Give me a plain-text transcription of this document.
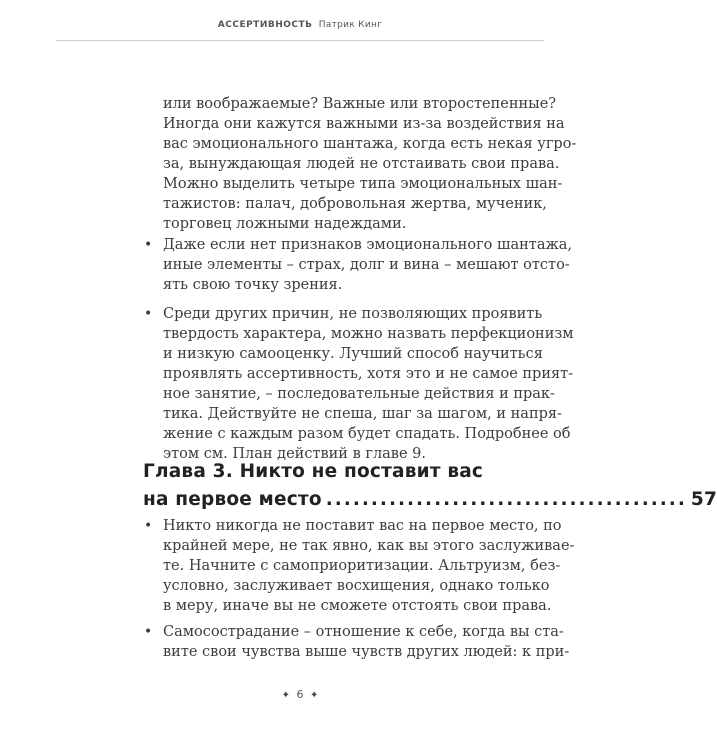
АССЕРТИВНОСТЬ Патрик Кинг
или воображаемые? Важные или второстепенные?
Иногда они кажутся важными из-за воздействия на
вас эмоционального шантажа, когда есть некая угро-
за, вынуждающая людей не отстаивать свои права.
Можно выделить четыре типа эмоциональных шан-
тажистов: палач, добровольная жертва, мученик,
торговец ложными надеждами.
• Даже если нет признаков эмоционального шантажа,
иные элементы – страх, долг и вина – мешают отсто-
ять свою точку зрения.
• Среди других причин, не позволяющих проявить
твердость характера, можно назвать перфекционизм
и низкую самооценку. Лучший способ научиться
проявлять ассертивность, хотя это и не самое прият-
ное занятие, – последовательные действия и прак-
тика. Действуйте не спеша, шаг за шагом, и напря-
жение с каждым разом будет спадать. Подробнее об
этом см. План действий в главе 9.
Глава 3. Никто не поставит вас
на первое место ........................................ 57
• Никто никогда не поставит вас на первое место, по
крайней мере, не так явно, как вы этого заслуживае-
те. Начните с самоприоритизации. Альтруизм, без-
условно, заслуживает восхищения, однако только
в меру, иначе вы не сможете отстоять свои права.
• Самосострадание – отношение к себе, когда вы ста-
вите свои чувства выше чувств других людей: к при-
✦ 6 ✦
